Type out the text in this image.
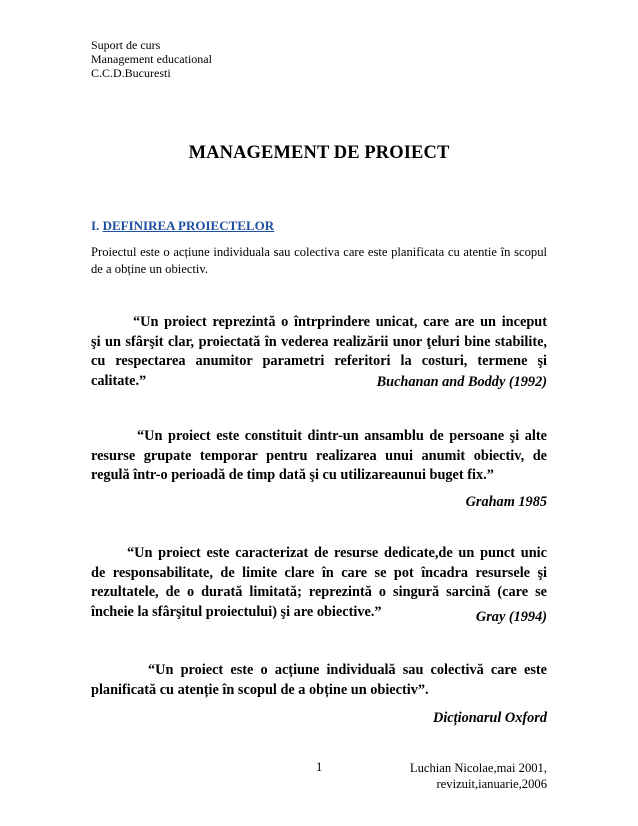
Suport de curs
Management educational
C.C.D.Bucuresti
MANAGEMENT DE PROIECT
I. DEFINIREA PROIECTELOR
Proiectul este o acțiune individuala sau colectiva care este planificata cu atentie în scopul de a obține un obiectiv.
“Un proiect reprezintă o întrprindere unicat, care are un inceput
şi un sfârşit clar, proiectată în vederea realizării unor ţeluri bine stabilite, cu respectarea anumitor parametri referitori la costuri, termene şi calitate.”	Buchanan and Boddy (1992)
“Un proiect este constituit dintr-un ansamblu de persoane şi alte
resurse grupate temporar pentru realizarea unui anumit obiectiv, de regulă într-o perioadă de timp dată şi cu utilizareaunui buget fix.”
Graham 1985
“Un proiect este caracterizat de resurse dedicate,de un punct unic
de responsabilitate, de limite clare în care se pot încadra resursele şi rezultatele, de o durată limitată; reprezintă o singură sarcină (care se încheie la sfârşitul proiectului) şi are obiective.”	Gray (1994)
“Un proiect este o acțiune individuală sau colectivă care este
planificată cu atenție în scopul de a obține un obiectiv”.
Dicționarul Oxford
1	Luchian Nicolae,mai 2001,
revizuit,ianuarie,2006
